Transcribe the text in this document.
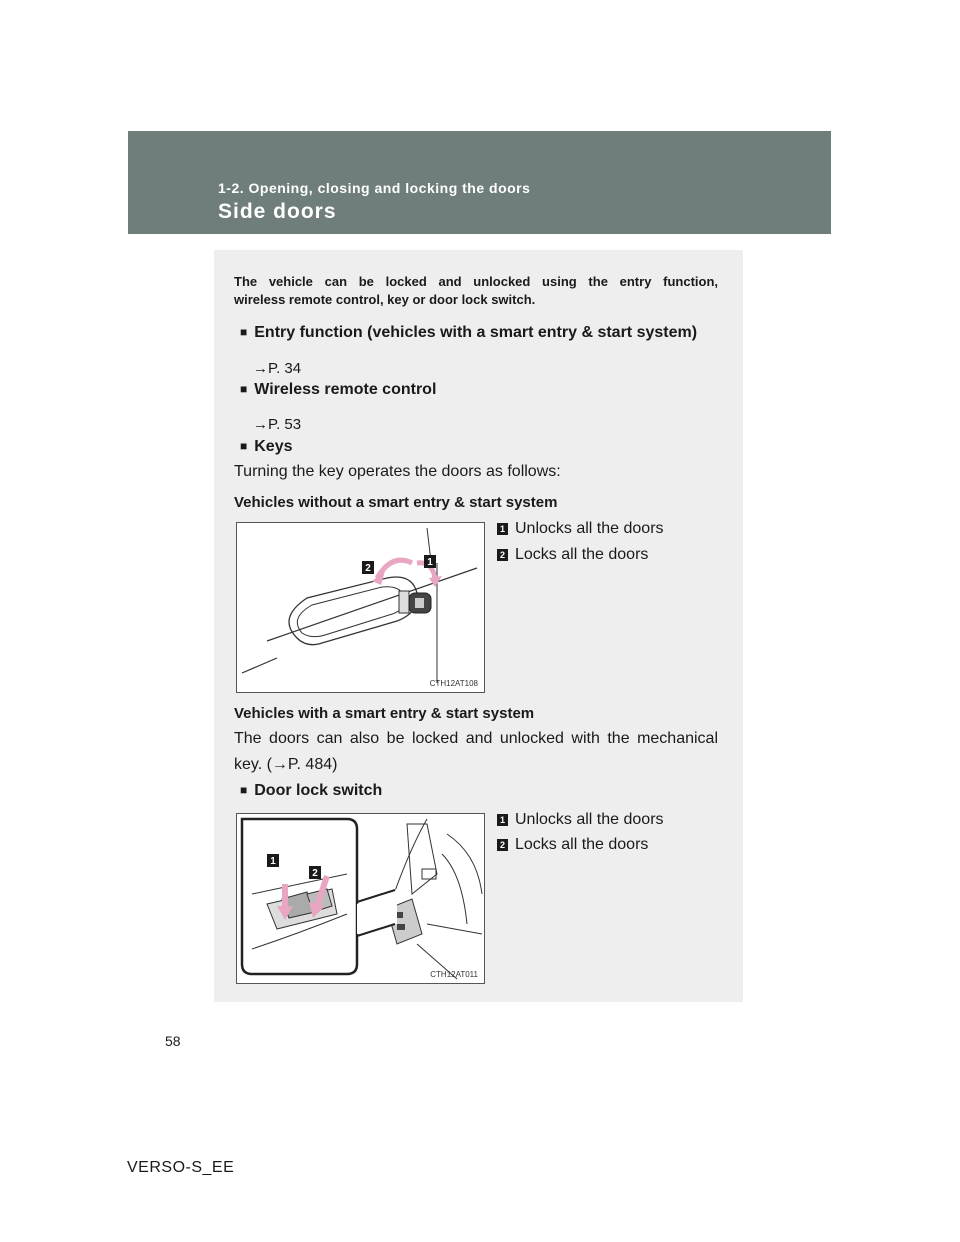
1-2. Opening, closing and locking the doors
Side doors
The vehicle can be locked and unlocked using the entry function,
wireless remote control, key or door lock switch.
■ Entry function (vehicles with a smart entry & start system)
→P. 34
■ Wireless remote control
→P. 53
■ Keys
Turning the key operates the doors as follows:
Vehicles without a smart entry & start system
2
1
CTH12AT108
1 Unlocks all the doors
2 Locks all the doors
Vehicles with a smart entry & start system
The doors can also be locked and unlocked with the mechanical
key. (→P. 484)
■ Door lock switch
1
2
CTH12AT011
1 Unlocks all the doors
2 Locks all the doors
58
VERSO-S_EE
